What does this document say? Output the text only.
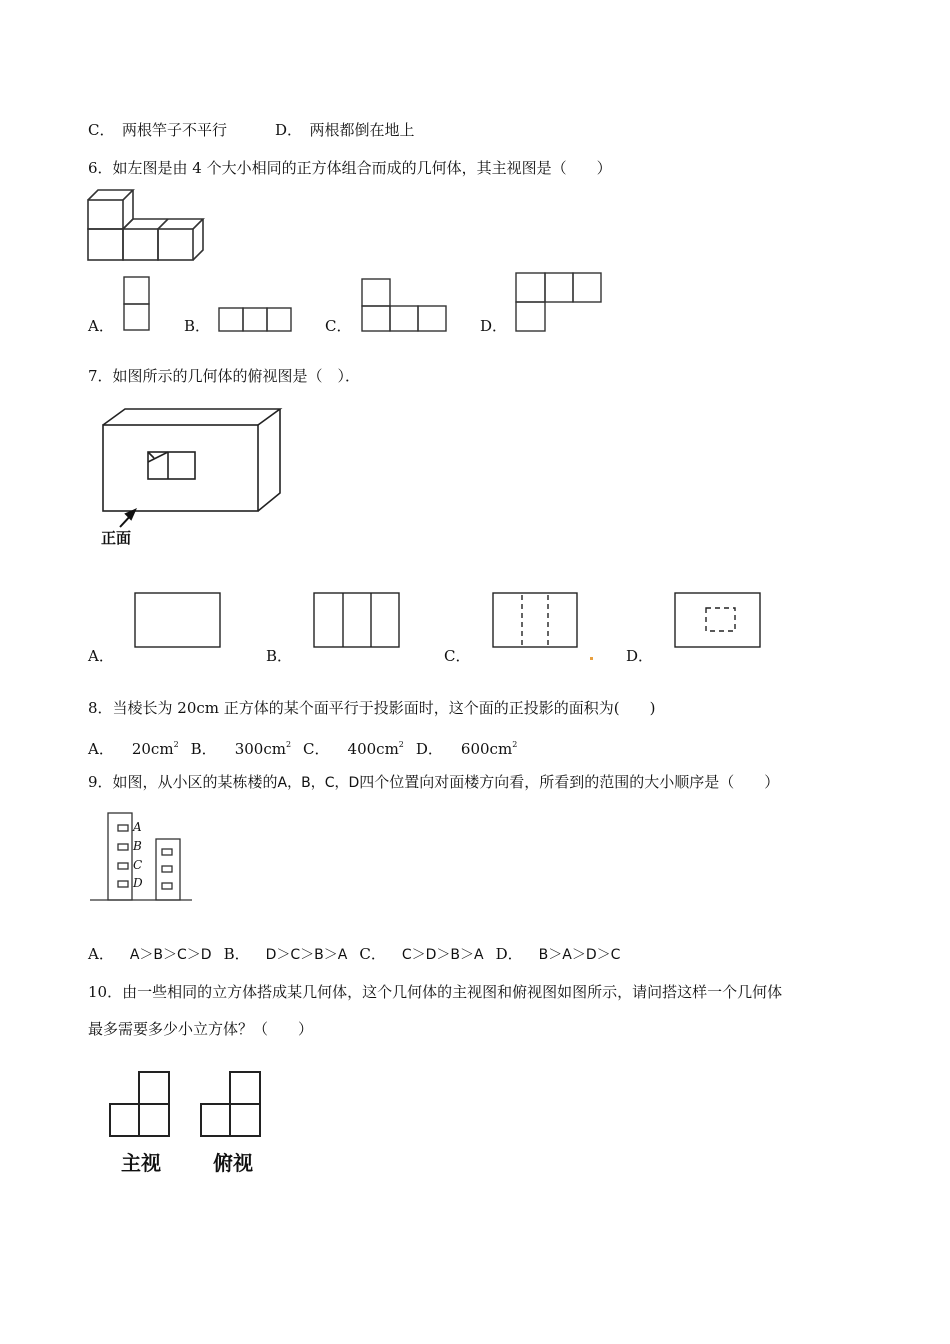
C．　两根竿子不平行	D．　两根都倒在地上
6．如左图是由 4 个大小相同的正方体组合而成的几何体，其主视图是（　　）
A．	B．	C．	D．
7．如图所示的几何体的俯视图是（　）．
正面
A．	B．	C．	D．
8．当棱长为 20cm 正方体的某个面平行于投影面时，这个面的正投影的面积为(　　)
A． $20cm^2$ B． $300cm^2$ C． $400cm^2$ D． $600cm^2$
9．如图，从小区的某栋楼的A，B，C，D四个位置向对面楼方向看，所看到的范围的大小顺序是（　　）
A
B
C
D
A． A＞B＞C＞D B． D＞C＞B＞A C． C＞D＞B＞A D． B＞A＞D＞C
10．由一些相同的立方体搭成某几何体，这个几何体的主视图和俯视图如图所示，请问搭这样一个几何体
最多需要多少小立方体？（　　）
主视	俯视
